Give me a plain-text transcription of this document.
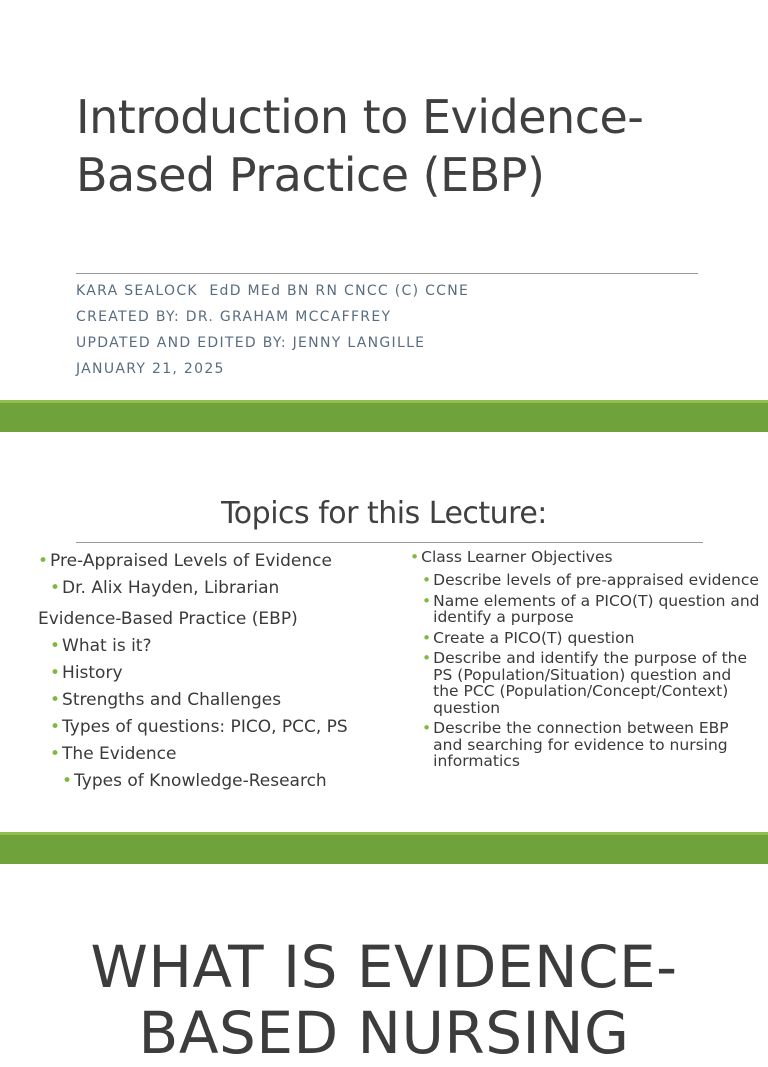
Introduction to Evidence-
Based Practice (EBP)
KARA SEALOCK  EdD MEd BN RN CNCC (C) CCNE
CREATED BY: DR. GRAHAM MCCAFFREY
UPDATED AND EDITED BY: JENNY LANGILLE
JANUARY 21, 2025
Topics for this Lecture:
• Pre-Appraised Levels of Evidence
• Dr. Alix Hayden, Librarian
Evidence-Based Practice (EBP)
• What is it?
• History
• Strengths and Challenges
• Types of questions: PICO, PCC, PS
• The Evidence
• Types of Knowledge-Research
• Class Learner Objectives
• Describe levels of pre-appraised evidence
• Name elements of a PICO(T) question and identify a purpose
• Create a PICO(T) question
• Describe and identify the purpose of the PS (Population/Situation) question and the PCC (Population/Concept/Context) question
• Describe the connection between EBP and searching for evidence to nursing informatics
WHAT IS EVIDENCE-
BASED NURSING
